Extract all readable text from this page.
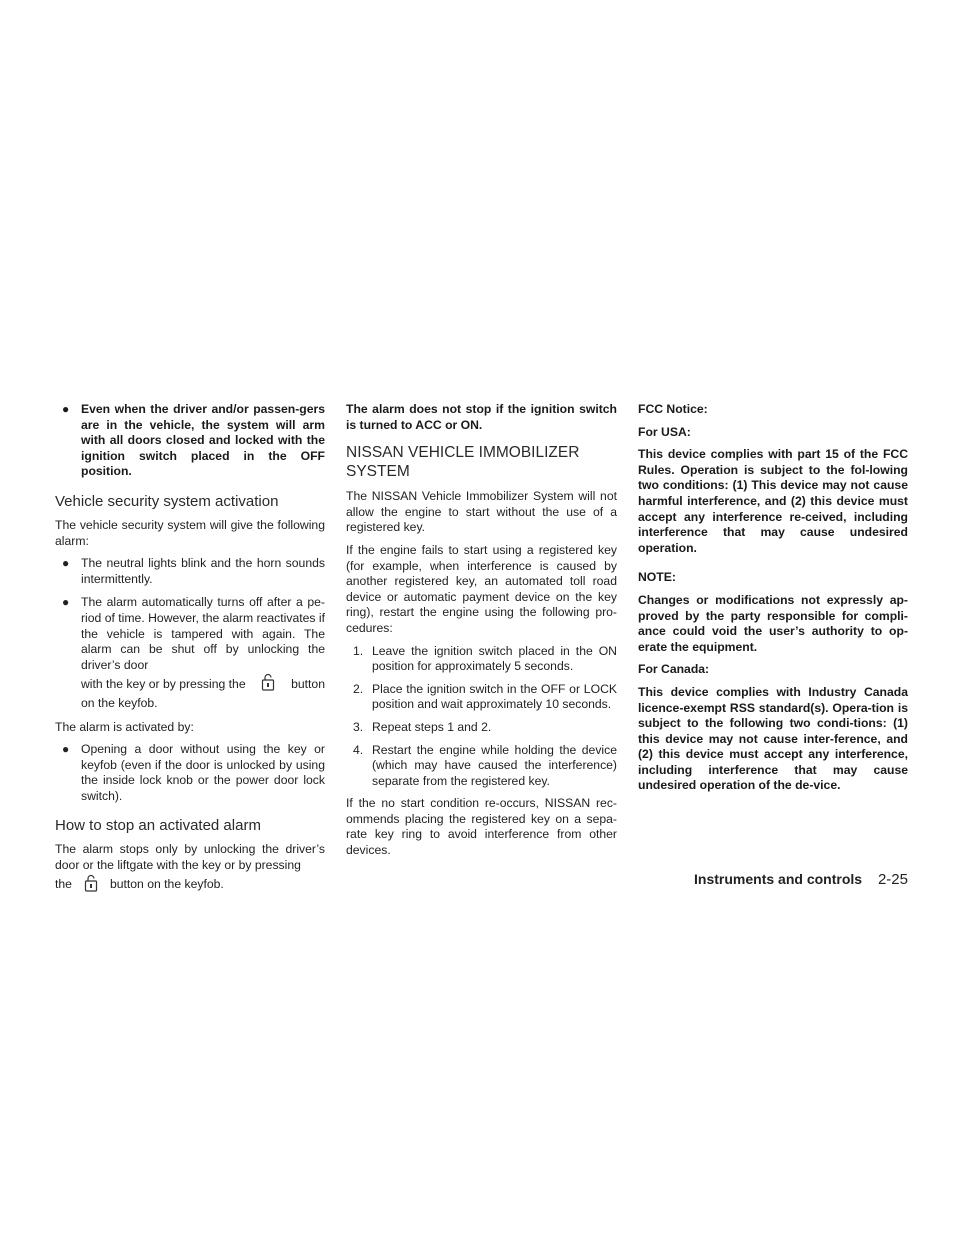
● Even when the driver and/or passen-gers are in the vehicle, the system will arm with all doors closed and locked with the ignition switch placed in the OFF position.
Vehicle security system activation

The vehicle security system will give the following alarm:

● The neutral lights blink and the horn sounds intermittently.
● The alarm automatically turns off after a pe-riod of time. However, the alarm reactivates if the vehicle is tampered with again. The alarm can be shut off by unlocking the driver’s door
with the key or by pressing the	button
on the keyfob.

The alarm is activated by:

● Opening a door without using the key or keyfob (even if the door is unlocked by using the inside lock knob or the power door lock switch).
How to stop an activated alarm

The alarm stops only by unlocking the driver’s door or the liftgate with the key or by pressing

the	button on the keyfob.

The alarm does not stop if the ignition switch is turned to ACC or ON.

NISSAN VEHICLE IMMOBILIZER SYSTEM

The NISSAN Vehicle Immobilizer System will not allow the engine to start without the use of a registered key.

If the engine fails to start using a registered key (for example, when interference is caused by another registered key, an automated toll road device or automatic payment device on the key ring), restart the engine using the following pro-cedures:

1. Leave the ignition switch placed in the ON position for approximately 5 seconds.
2. Place the ignition switch in the OFF or LOCK position and wait approximately 10 seconds.
3. Repeat steps 1 and 2.
4. Restart the engine while holding the device (which may have caused the interference) separate from the registered key.

If the no start condition re-occurs, NISSAN rec-ommends placing the registered key on a sepa-rate key ring to avoid interference from other devices.

FCC Notice:

For USA:

This device complies with part 15 of the FCC Rules. Operation is subject to the fol-lowing two conditions: (1) This device may not cause harmful interference, and (2) this device must accept any interference re-ceived, including interference that may cause undesired operation.

NOTE:

Changes or modifications not expressly ap-proved by the party responsible for compli-ance could void the user’s authority to op-erate the equipment.

For Canada:

This device complies with Industry Canada licence-exempt RSS standard(s). Opera-tion is subject to the following two condi-tions: (1) this device may not cause inter-ference, and (2) this device must accept any interference, including interference that may cause undesired operation of the de-vice.

Instruments and controls 2-25
